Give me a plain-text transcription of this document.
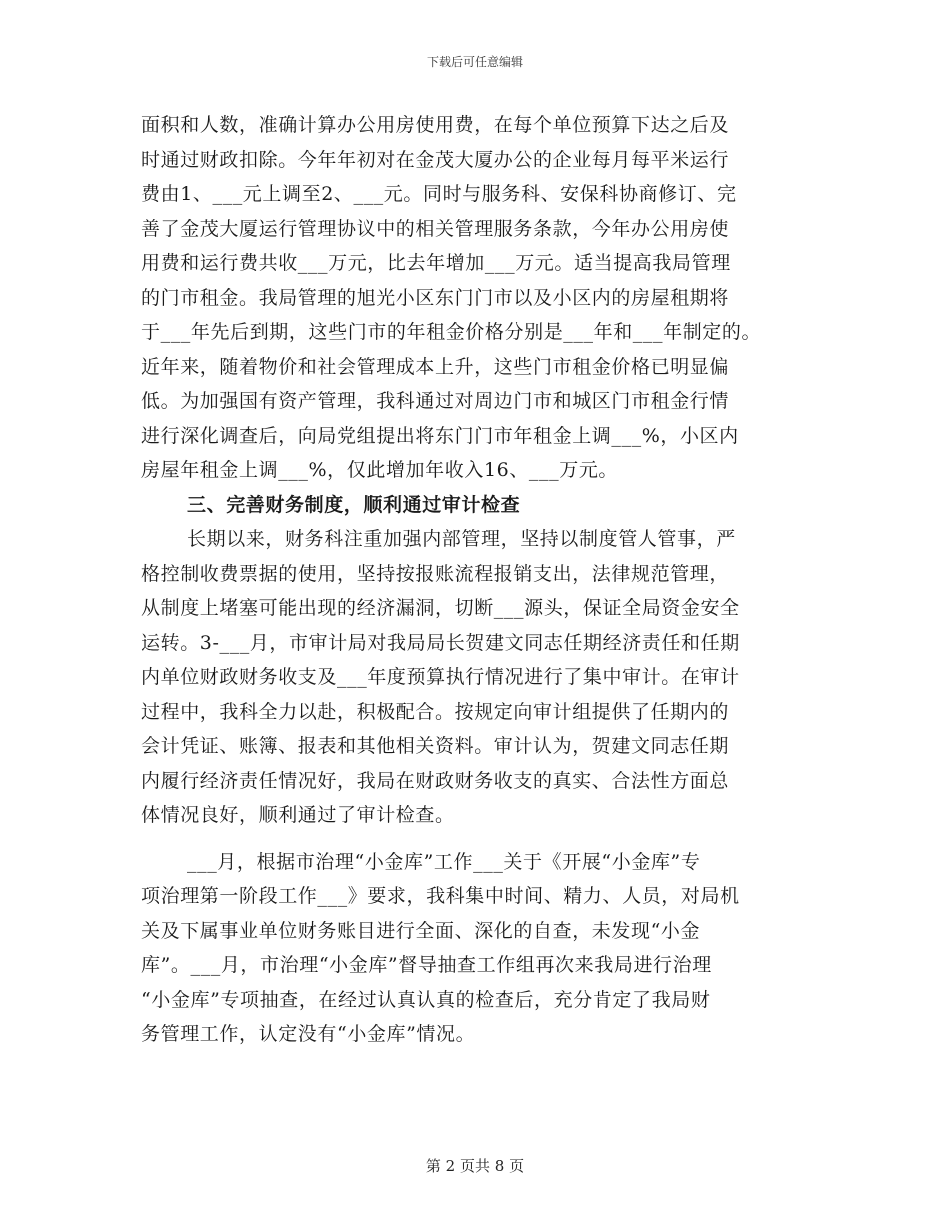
下载后可任意编辑
面积和人数，准确计算办公用房使用费，在每个单位预算下达之后及
时通过财政扣除。今年年初对在金茂大厦办公的企业每月每平米运行
费由1、___元上调至2、___元。同时与服务科、安保科协商修订、完
善了金茂大厦运行管理协议中的相关管理服务条款，今年办公用房使
用费和运行费共收___万元，比去年增加___万元。适当提高我局管理
的门市租金。我局管理的旭光小区东门门市以及小区内的房屋租期将
于___年先后到期，这些门市的年租金价格分别是___年和___年制定的。
近年来，随着物价和社会管理成本上升，这些门市租金价格已明显偏
低。为加强国有资产管理，我科通过对周边门市和城区门市租金行情
进行深化调查后，向局党组提出将东门门市年租金上调___%，小区内
房屋年租金上调___%，仅此增加年收入16、___万元。
三、完善财务制度，顺利通过审计检查
长期以来，财务科注重加强内部管理，坚持以制度管人管事，严
格控制收费票据的使用，坚持按报账流程报销支出，法律规范管理，
从制度上堵塞可能出现的经济漏洞，切断___源头，保证全局资金安全
运转。3-___月，市审计局对我局局长贺建文同志任期经济责任和任期
内单位财政财务收支及___年度预算执行情况进行了集中审计。在审计
过程中，我科全力以赴，积极配合。按规定向审计组提供了任期内的
会计凭证、账簿、报表和其他相关资料。审计认为，贺建文同志任期
内履行经济责任情况好，我局在财政财务收支的真实、合法性方面总
体情况良好，顺利通过了审计检查。
___月，根据市治理“小金库”工作___关于《开展“小金库”专
项治理第一阶段工作___》要求，我科集中时间、精力、人员，对局机
关及下属事业单位财务账目进行全面、深化的自查，未发现“小金
库”。___月，市治理“小金库”督导抽查工作组再次来我局进行治理
“小金库”专项抽查，在经过认真认真的检查后，充分肯定了我局财
务管理工作，认定没有“小金库”情况。
第 2 页共 8 页
